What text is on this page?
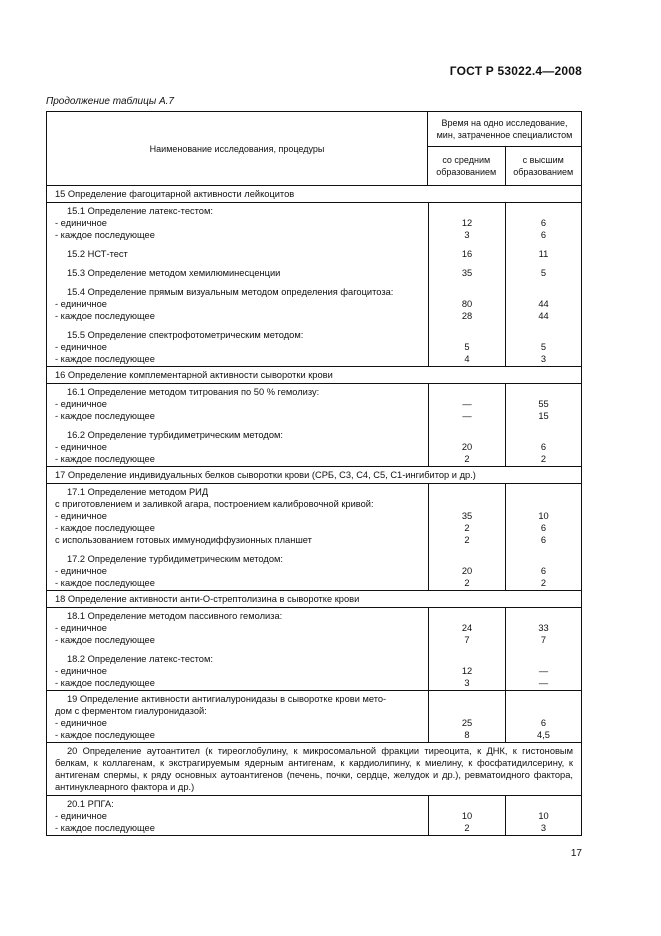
ГОСТ Р 53022.4—2008
Продолжение таблицы А.7
Наименование исследования, процедуры
Время на одно исследование, мин, затраченное специалистом
со средним образованием
с высшим образованием
15 Определение фагоцитарной активности лейкоцитов
15.1 Определение латекс-тестом:
- единичное
- каждое последующее
15.2 НСТ-тест
15.3 Определение методом хемилюминесценции
15.4 Определение прямым визуальным методом определения фагоцитоза:
- единичное
- каждое последующее
15.5 Определение спектрофотометрическим методом:
- единичное
- каждое последующее
12
3
16
35
80
28
5
4
6
6
11
5
44
44
5
3
16 Определение комплементарной активности сыворотки крови
16.1 Определение методом титрования по 50 % гемолизу:
- единичное
- каждое последующее
16.2 Определение турбидиметрическим методом:
- единичное
- каждое последующее
—
—
20
2
55
15
6
2
17 Определение индивидуальных белков сыворотки крови (СРБ, С3, С4, С5, С1-ингибитор и др.)
17.1 Определение методом РИД
с приготовлением и заливкой агара, построением калибровочной кривой:
- единичное
- каждое последующее
с использованием готовых иммунодиффузионных планшет
17.2 Определение турбидиметрическим методом:
- единичное
- каждое последующее
35
2
2
20
2
10
6
6
6
2
18 Определение активности анти-О-стрептолизина в сыворотке крови
18.1 Определение методом пассивного гемолиза:
- единичное
- каждое последующее
18.2 Определение латекс-тестом:
- единичное
- каждое последующее
24
7
12
3
33
7
—
—
19 Определение активности антигиалуронидазы в сыворотке крови мето-
дом с ферментом гиалуронидазой:
- единичное
- каждое последующее
25
8
6
4,5
20 Определение аутоантител (к тиреоглобулину, к микросомальной фракции тиреоцита, к ДНК, к гистоновым белкам, к коллагенам, к экстрагируемым ядерным антигенам, к кардиолипину, к миелину, к фосфатидилсерину, к антигенам спермы, к ряду основных аутоантигенов (печень, почки, сердце, желудок и др.), ревматоидного фактора, антинуклеарного фактора и др.)
20.1 РПГА:
- единичное
- каждое последующее
10
2
10
3
17
